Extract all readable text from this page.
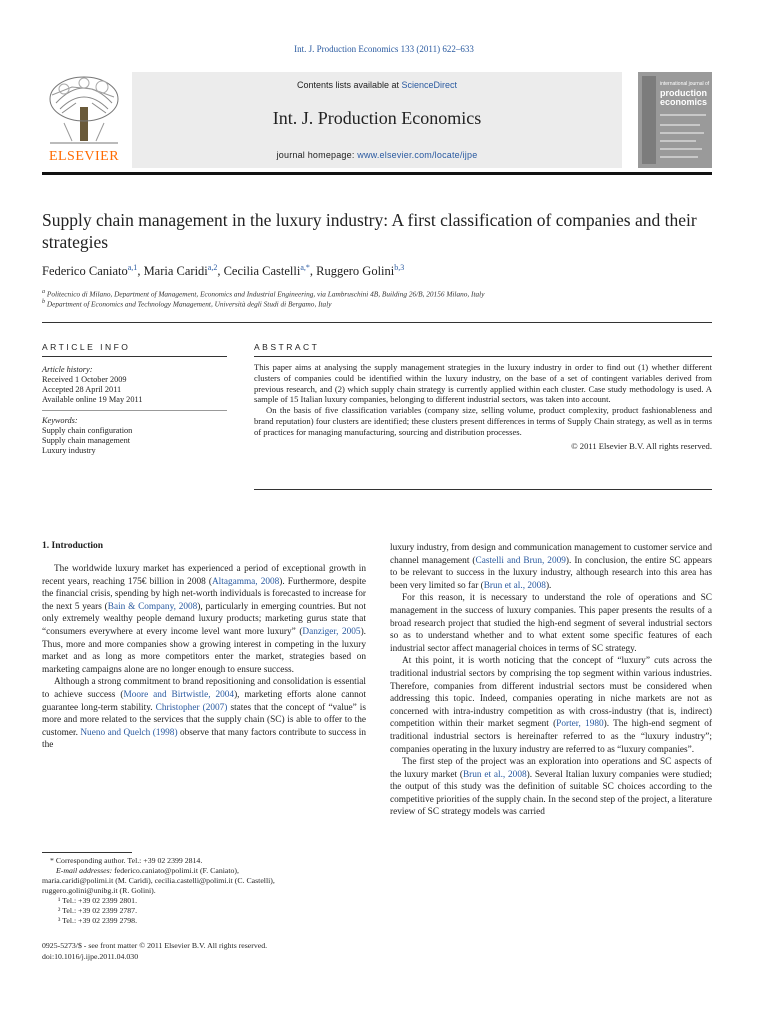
Int. J. Production Economics 133 (2011) 622–633
ELSEVIER
Contents lists available at ScienceDirect
Int. J. Production Economics
journal homepage: www.elsevier.com/locate/ijpe
international journal of
production
economics
Supply chain management in the luxury industry: A first classification of companies and their strategies
Federico Caniato$^{a,1}$, Maria Caridi$^{a,2}$, Cecilia Castelli$^{a,*}$, Ruggero Golini$^{b,3}$
$^a$ Politecnico di Milano, Department of Management, Economics and Industrial Engineering, via Lambruschini 4B, Building 26/B, 20156 Milano, Italy
$^b$ Department of Economics and Technology Management, Università degli Studi di Bergamo, Italy
ARTICLE INFO	ABSTRACT
Article history:
Received 1 October 2009
Accepted 28 April 2011
Available online 19 May 2011
Keywords:
Supply chain configuration
Supply chain management
Luxury industry

This paper aims at analysing the supply management strategies in the luxury industry in order to find out (1) whether different clusters of companies could be identified within the luxury industry, on the base of a set of contingent variables derived from previous research, and (2) which supply chain strategy is currently applied within each cluster. Case study methodology is used. A sample of 15 Italian luxury companies, belonging to different industrial sectors, was taken into account.

On the basis of five classification variables (company size, selling volume, product complexity, product fashionableness and brand reputation) four clusters are identified; these clusters present differences in terms of Supply Chain strategy, as well as in terms of practices for managing manufacturing, sourcing and distribution processes.

© 2011 Elsevier B.V. All rights reserved.
1. Introduction

The worldwide luxury market has experienced a period of exceptional growth in recent years, reaching 175€ billion in 2008 (Altagamma, 2008). Furthermore, despite the financial crisis, spending by high net-worth individuals is forecasted to increase for the next 5 years (Bain & Company, 2008), particularly in emerging countries. But not only extremely wealthy people demand luxury products; marketing gurus state that “consumers everywhere at every income level want more luxury” (Danziger, 2005). Thus, more and more companies show a growing interest in competing in the luxury market and as long as more competitors enter the market, strategies based on marketing campaigns alone are no longer enough to ensure success.

Although a strong commitment to brand repositioning and consolidation is essential to achieve success (Moore and Birtwistle, 2004), marketing efforts alone cannot guarantee long-term stability. Christopher (2007) states that the concept of “value” is more and more related to the services that the supply chain (SC) is able to offer to the customer. Nueno and Quelch (1998) observe that many factors contribute to success in the

luxury industry, from design and communication management to customer service and channel management (Castelli and Brun, 2009). In conclusion, the entire SC appears to be relevant to success in the luxury industry, although research into this area has been very limited so far (Brun et al., 2008).

For this reason, it is necessary to understand the role of operations and SC management in the success of luxury companies. This paper presents the results of a broad research project that studied the high-end segment of several industrial sectors so as to understand whether and to what extent some specific features of each industrial sector affect managerial choices in terms of SC strategy.

At this point, it is worth noticing that the concept of “luxury” cuts across the traditional industrial sectors by comprising the top segment within various industries. Therefore, companies from different industrial sectors must be considered when addressing this topic. Indeed, companies operating in niche markets are not as concerned with intra-industry competition as with cross-industry (that is, indirect) competition within their market segment (Porter, 1980). The high-end segment of traditional industrial sectors is hereinafter referred to as the “luxury industry”; companies operating in the luxury industry are referred to as “luxury companies”.

The first step of the project was an exploration into operations and SC aspects of the luxury market (Brun et al., 2008). Several Italian luxury companies were studied; the output of this study was the definition of suitable SC choices according to the competitive priorities of the supply chain. In the second step of the project, a literature review of SC strategy models was carried

* Corresponding author. Tel.: +39 02 2399 2814.

E-mail addresses: federico.caniato@polimi.it (F. Caniato),

maria.caridi@polimi.it (M. Caridi), cecilia.castelli@polimi.it (C. Castelli),

ruggero.golini@unibg.it (R. Golini).

¹ Tel.: +39 02 2399 2801.

² Tel.: +39 02 2399 2787.

³ Tel.: +39 02 2399 2798.

0925-5273/$ - see front matter © 2011 Elsevier B.V. All rights reserved.
doi:10.1016/j.ijpe.2011.04.030
